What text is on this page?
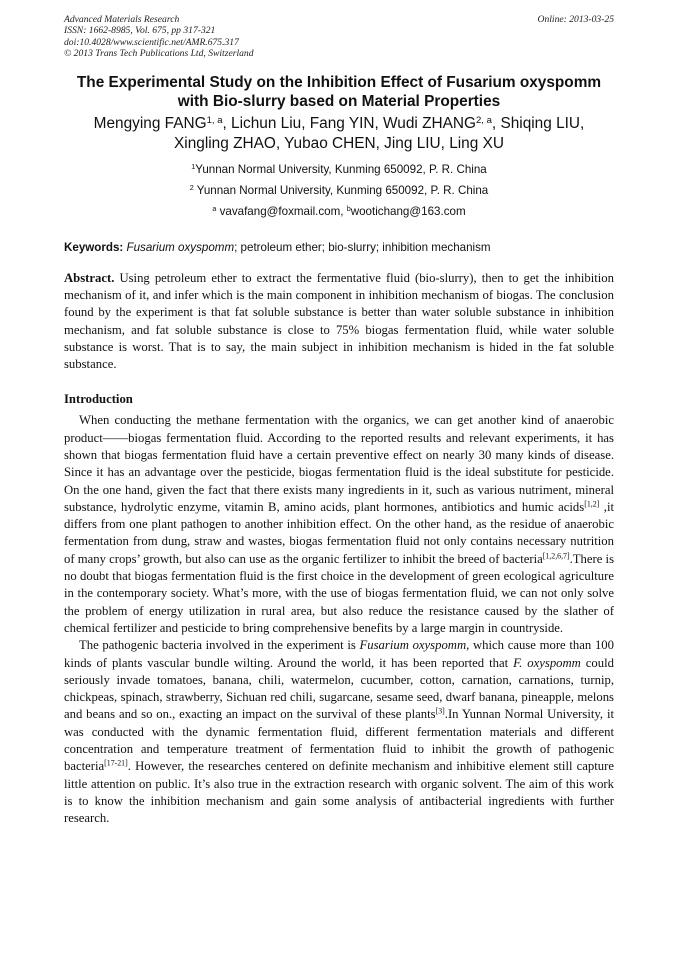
Advanced Materials Research
ISSN: 1662-8985, Vol. 675, pp 317-321
doi:10.4028/www.scientific.net/AMR.675.317
© 2013 Trans Tech Publications Ltd, Switzerland
Online: 2013-03-25
The Experimental Study on the Inhibition Effect of Fusarium oxyspomm
with Bio-slurry based on Material Properties
Mengying FANG$^{1, a}$, Lichun Liu, Fang YIN, Wudi ZHANG$^{2, a}$, Shiqing LIU,
Xingling ZHAO, Yubao CHEN, Jing LIU, Ling XU
$^1$Yunnan Normal University, Kunming 650092, P. R. China
$^2$ Yunnan Normal University, Kunming 650092, P. R. China
$^a$ vavafang@foxmail.com, $^b$wootichang@163.com
Keywords: Fusarium oxyspomm; petroleum ether; bio-slurry; inhibition mechanism

Abstract. Using petroleum ether to extract the fermentative fluid (bio-slurry), then to get the inhibition mechanism of it, and infer which is the main component in inhibition mechanism of biogas. The conclusion found by the experiment is that fat soluble substance is better than water soluble substance in inhibition mechanism, and fat soluble substance is close to 75% biogas fermentation fluid, while water soluble substance is worst. That is to say, the main subject in inhibition mechanism is hided in the fat soluble substance.

Introduction

When conducting the methane fermentation with the organics, we can get another kind of anaerobic product——biogas fermentation fluid. According to the reported results and relevant experiments, it has shown that biogas fermentation fluid have a certain preventive effect on nearly 30 many kinds of disease. Since it has an advantage over the pesticide, biogas fermentation fluid is the ideal substitute for pesticide. On the one hand, given the fact that there exists many ingredients in it, such as various nutriment, mineral substance, hydrolytic enzyme, vitamin B, amino acids, plant hormones, antibiotics and humic acids[1,2] ,it differs from one plant pathogen to another inhibition effect. On the other hand, as the residue of anaerobic fermentation from dung, straw and wastes, biogas fermentation fluid not only contains necessary nutrition of many crops’ growth, but also can use as the organic fertilizer to inhibit the breed of bacteria[1,2,6,7].There is no doubt that biogas fermentation fluid is the first choice in the development of green ecological agriculture in the contemporary society. What’s more, with the use of biogas fermentation fluid, we can not only solve the problem of energy utilization in rural area, but also reduce the resistance caused by the slather of chemical fertilizer and pesticide to bring comprehensive benefits by a large margin in countryside.

The pathogenic bacteria involved in the experiment is Fusarium oxyspomm, which cause more than 100 kinds of plants vascular bundle wilting. Around the world, it has been reported that F. oxyspomm could seriously invade tomatoes, banana, chili, watermelon, cucumber, cotton, carnation, carnations, turnip, chickpeas, spinach, strawberry, Sichuan red chili, sugarcane, sesame seed, dwarf banana, pineapple, melons and beans and so on., exacting an impact on the survival of these plants[3].In Yunnan Normal University, it was conducted with the dynamic fermentation fluid, different fermentation materials and different concentration and temperature treatment of fermentation fluid to inhibit the growth of pathogenic bacteria[17-21]. However, the researches centered on definite mechanism and inhibitive element still capture little attention on public. It’s also true in the extraction research with organic solvent. The aim of this work is to know the inhibition mechanism and gain some analysis of antibacterial ingredients with further research.
